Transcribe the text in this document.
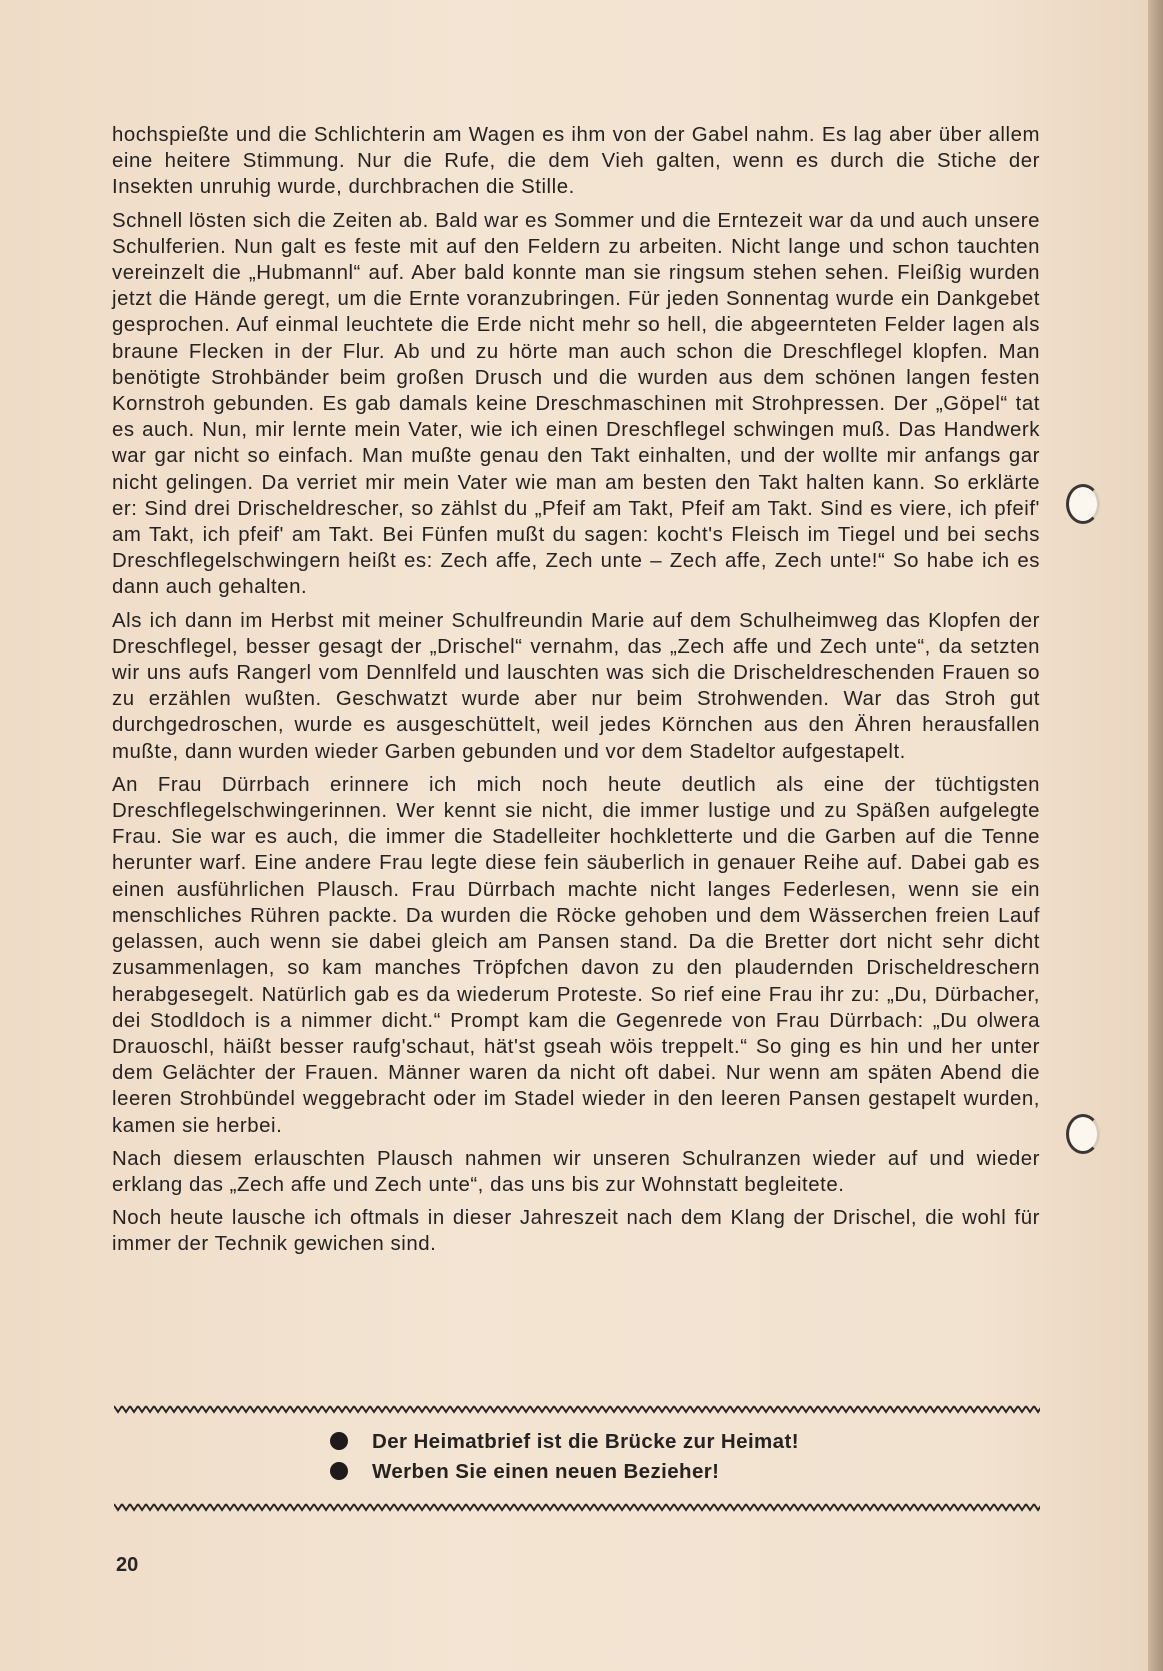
hochspießte und die Schlichterin am Wagen es ihm von der Gabel nahm. Es lag aber über allem eine heitere Stimmung. Nur die Rufe, die dem Vieh galten, wenn es durch die Stiche der Insekten unruhig wurde, durchbrachen die Stille.

Schnell lösten sich die Zeiten ab. Bald war es Sommer und die Erntezeit war da und auch unsere Schulferien. Nun galt es feste mit auf den Feldern zu arbeiten. Nicht lange und schon tauchten vereinzelt die „Hubmannl“ auf. Aber bald konnte man sie ringsum stehen sehen. Fleißig wurden jetzt die Hände geregt, um die Ernte voranzubringen. Für jeden Sonnentag wurde ein Dankgebet gesprochen. Auf einmal leuchtete die Erde nicht mehr so hell, die abgeernteten Felder lagen als braune Flecken in der Flur. Ab und zu hörte man auch schon die Dreschflegel klopfen. Man benötigte Strohbänder beim großen Drusch und die wurden aus dem schönen langen festen Kornstroh gebunden. Es gab damals keine Dreschmaschinen mit Strohpressen. Der „Göpel“ tat es auch. Nun, mir lernte mein Vater, wie ich einen Dreschflegel schwingen muß. Das Handwerk war gar nicht so einfach. Man mußte genau den Takt einhalten, und der wollte mir anfangs gar nicht gelingen. Da verriet mir mein Vater wie man am besten den Takt halten kann. So erklärte er: Sind drei Drischeldrescher, so zählst du „Pfeif am Takt, Pfeif am Takt. Sind es viere, ich pfeif' am Takt, ich pfeif' am Takt. Bei Fünfen mußt du sagen: kocht's Fleisch im Tiegel und bei sechs Dreschflegelschwingern heißt es: Zech affe, Zech unte – Zech affe, Zech unte!“ So habe ich es dann auch gehalten.

Als ich dann im Herbst mit meiner Schulfreundin Marie auf dem Schulheimweg das Klopfen der Dreschflegel, besser gesagt der „Drischel“ vernahm, das „Zech affe und Zech unte“, da setzten wir uns aufs Rangerl vom Dennlfeld und lauschten was sich die Drischeldreschenden Frauen so zu erzählen wußten. Geschwatzt wurde aber nur beim Strohwenden. War das Stroh gut durchgedroschen, wurde es ausgeschüttelt, weil jedes Körnchen aus den Ähren herausfallen mußte, dann wurden wieder Garben gebunden und vor dem Stadeltor aufgestapelt.

An Frau Dürrbach erinnere ich mich noch heute deutlich als eine der tüchtigsten Dreschflegelschwingerinnen. Wer kennt sie nicht, die immer lustige und zu Späßen aufgelegte Frau. Sie war es auch, die immer die Stadelleiter hochkletterte und die Garben auf die Tenne herunter warf. Eine andere Frau legte diese fein säuberlich in genauer Reihe auf. Dabei gab es einen ausführlichen Plausch. Frau Dürrbach machte nicht langes Federlesen, wenn sie ein menschliches Rühren packte. Da wurden die Röcke gehoben und dem Wässerchen freien Lauf gelassen, auch wenn sie dabei gleich am Pansen stand. Da die Bretter dort nicht sehr dicht zusammenlagen, so kam manches Tröpfchen davon zu den plaudernden Drischeldreschern herabgesegelt. Natürlich gab es da wiederum Proteste. So rief eine Frau ihr zu: „Du, Dürbacher, dei Stodldoch is a nimmer dicht.“ Prompt kam die Gegenrede von Frau Dürrbach: „Du olwera Drauoschl, häißt besser raufg'schaut, hät'st gseah wöis treppelt.“ So ging es hin und her unter dem Gelächter der Frauen. Männer waren da nicht oft dabei. Nur wenn am späten Abend die leeren Strohbündel weggebracht oder im Stadel wieder in den leeren Pansen gestapelt wurden, kamen sie herbei.

Nach diesem erlauschten Plausch nahmen wir unseren Schulranzen wieder auf und wieder erklang das „Zech affe und Zech unte“, das uns bis zur Wohnstatt begleitete.

Noch heute lausche ich oftmals in dieser Jahreszeit nach dem Klang der Drischel, die wohl für immer der Technik gewichen sind.

Der Heimatbrief ist die Brücke zur Heimat!
Werben Sie einen neuen Bezieher!
20
